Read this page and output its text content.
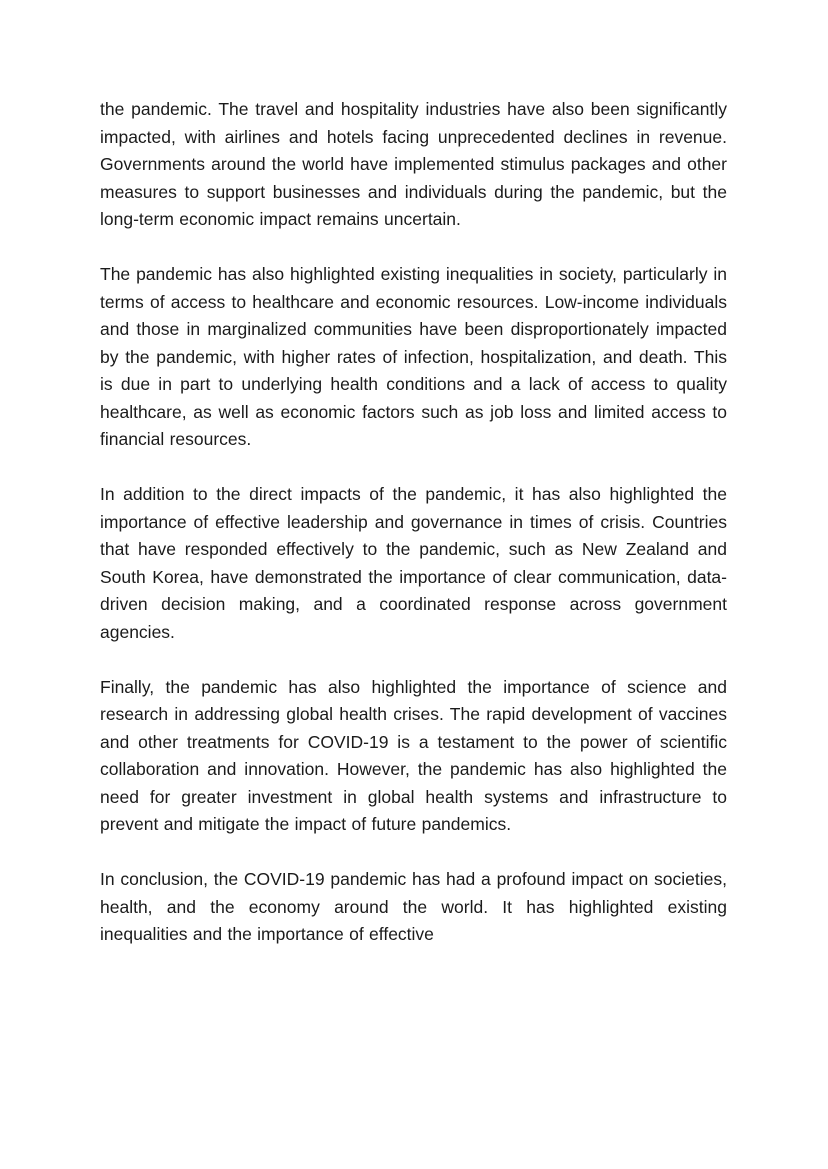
the pandemic. The travel and hospitality industries have also been significantly impacted, with airlines and hotels facing unprecedented declines in revenue. Governments around the world have implemented stimulus packages and other measures to support businesses and individuals during the pandemic, but the long-term economic impact remains uncertain.

The pandemic has also highlighted existing inequalities in society, particularly in terms of access to healthcare and economic resources. Low-income individuals and those in marginalized communities have been disproportionately impacted by the pandemic, with higher rates of infection, hospitalization, and death. This is due in part to underlying health conditions and a lack of access to quality healthcare, as well as economic factors such as job loss and limited access to financial resources.

In addition to the direct impacts of the pandemic, it has also highlighted the importance of effective leadership and governance in times of crisis. Countries that have responded effectively to the pandemic, such as New Zealand and South Korea, have demonstrated the importance of clear communication, data-driven decision making, and a coordinated response across government agencies.

Finally, the pandemic has also highlighted the importance of science and research in addressing global health crises. The rapid development of vaccines and other treatments for COVID-19 is a testament to the power of scientific collaboration and innovation. However, the pandemic has also highlighted the need for greater investment in global health systems and infrastructure to prevent and mitigate the impact of future pandemics.

In conclusion, the COVID-19 pandemic has had a profound impact on societies, health, and the economy around the world. It has highlighted existing inequalities and the importance of effective
